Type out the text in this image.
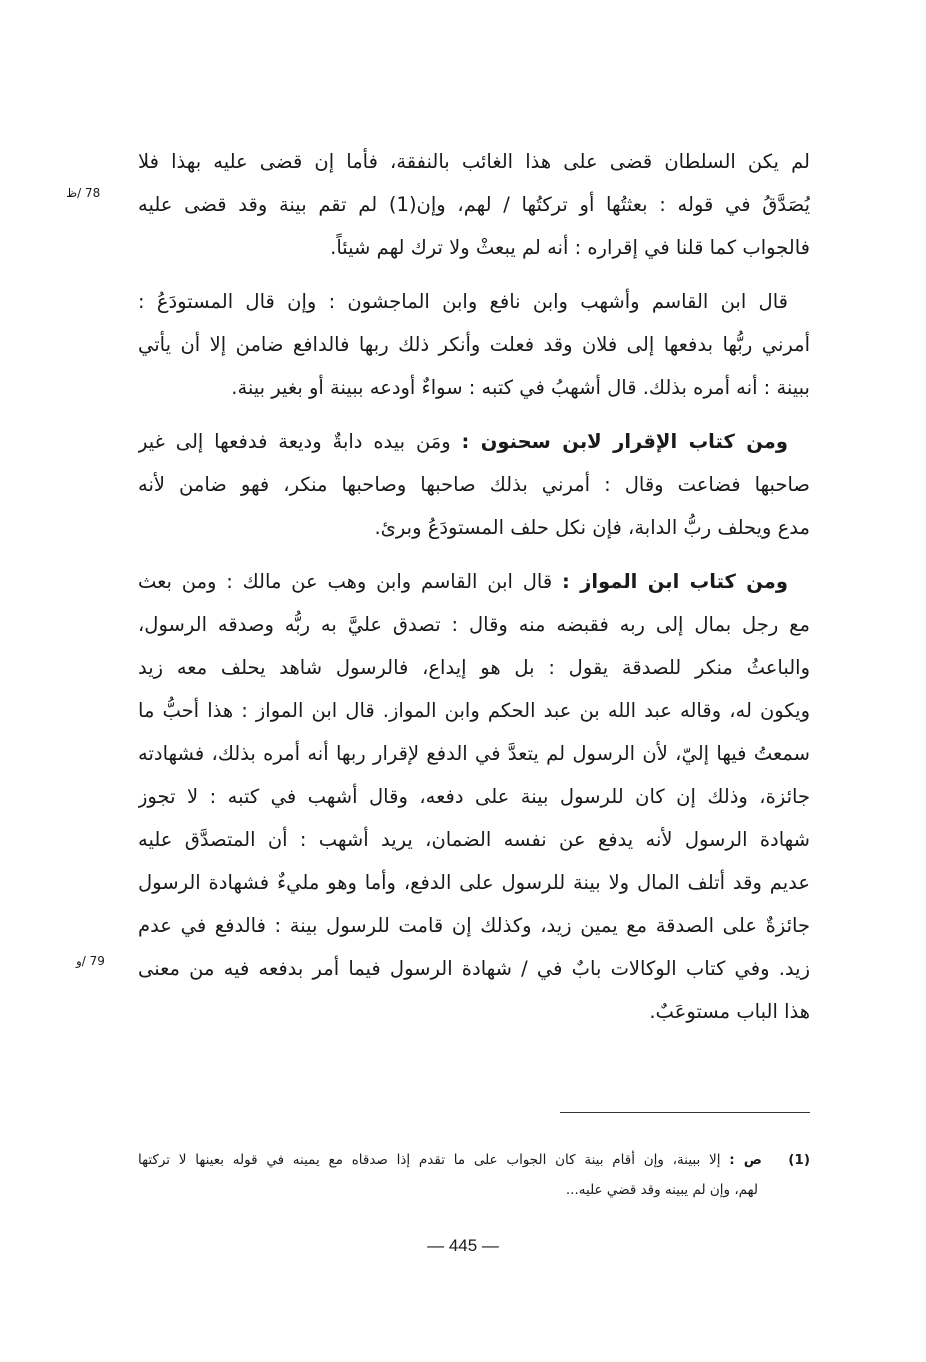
لم يكن السلطان قضى على هذا الغائب بالنفقة، فأما إن قضى عليه بهذا فلا
يُصَدَّقُ في قوله : بعثتُها أو تركتُها / لهم، وإن(1) لم تقم بينة وقد قضى عليه
فالجواب كما قلنا في إقراره : أنه لم يبعثْ ولا ترك لهم شيئاً.
78 /ظ
قال ابن القاسم وأشهب وابن نافع وابن الماجشون : وإن قال المستودَعُ :
أمرني ربُّها بدفعها إلى فلان وقد فعلت وأنكر ذلك ربها فالدافع ضامن إلا أن يأتي
ببينة : أنه أمره بذلك. قال أشهبُ في كتبه : سواءٌ أودعه ببينة أو بغير بينة.
ومن كتاب الإقرار لابن سحنون : ومَن بيده دابةٌ وديعة فدفعها إلى غير
صاحبها فضاعت وقال : أمرني بذلك صاحبها وصاحبها منكر، فهو ضامن لأنه
مدع ويحلف ربُّ الدابة، فإن نكل حلف المستودَعُ وبرئ.
ومن كتاب ابن المواز : قال ابن القاسم وابن وهب عن مالك : ومن بعث
مع رجل بمال إلى ربه فقبضه منه وقال : تصدق عليَّ به ربُّه وصدقه الرسول،
والباعثُ منكر للصدقة يقول : بل هو إيداع، فالرسول شاهد يحلف معه زيد
ويكون له، وقاله عبد الله بن عبد الحكم وابن المواز. قال ابن المواز : هذا أحبُّ ما
سمعتُ فيها إليّ، لأن الرسول لم يتعدَّ في الدفع لإقرار ربها أنه أمره بذلك، فشهادته
جائزة، وذلك إن كان للرسول بينة على دفعه، وقال أشهب في كتبه : لا تجوز
شهادة الرسول لأنه يدفع عن نفسه الضمان، يريد أشهب : أن المتصدَّق عليه
عديم وقد أتلف المال ولا بينة للرسول على الدفع، وأما وهو مليءٌ فشهادة الرسول
جائزةٌ على الصدقة مع يمين زيد، وكذلك إن قامت للرسول بينة : فالدفع في عدم
زيد. وفي كتاب الوكالات بابٌ في / شهادة الرسول فيما أمر بدفعه فيه من معنى
هذا الباب مستوعَبٌ.
79 /و
(1)   ص : إلا ببينة، وإن أقام بينة كان الجواب على ما تقدم إذا صدقاه مع يمينه في قوله بعينها لا تركتها
لهم، وإن لم يبينه وقد قضي عليه...
— 445 —
